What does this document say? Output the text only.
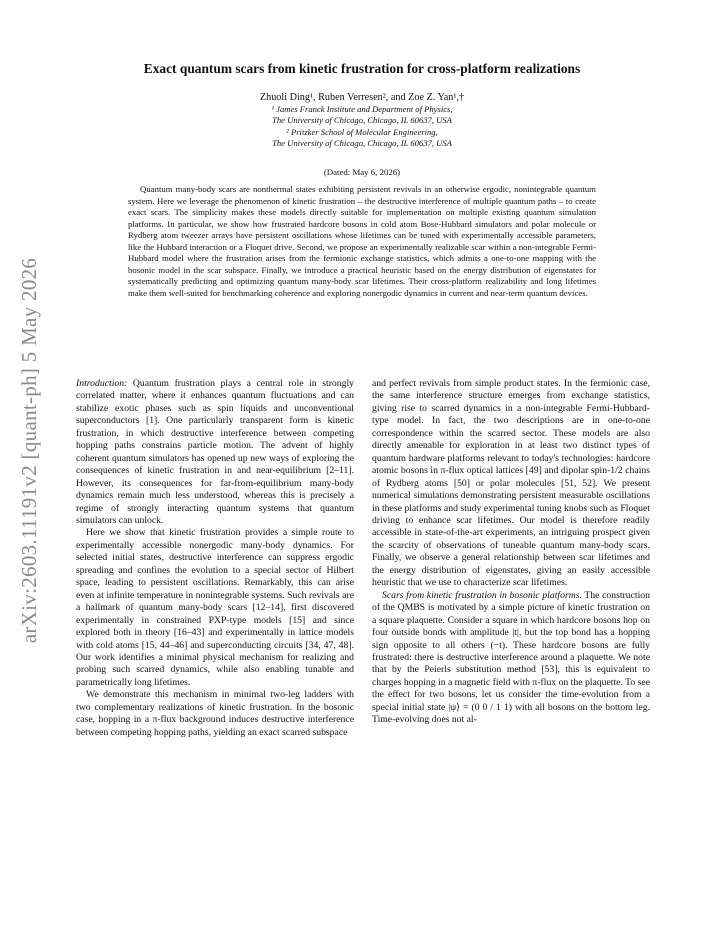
arXiv:2603.11191v2 [quant-ph] 5 May 2026
Exact quantum scars from kinetic frustration for cross-platform realizations
Zhuoli Ding¹, Ruben Verresen², and Zoe Z. Yan¹,†
¹ James Franck Institute and Department of Physics,
The University of Chicago, Chicago, IL 60637, USA
² Pritzker School of Molecular Engineering,
The University of Chicago, Chicago, IL 60637, USA
(Dated: May 6, 2026)
Quantum many-body scars are nonthermal states exhibiting persistent revivals in an otherwise ergodic, nonintegrable quantum system. Here we leverage the phenomenon of kinetic frustration – the destructive interference of multiple quantum paths – to create exact scars. The simplicity makes these models directly suitable for implementation on multiple existing quantum simulation platforms. In particular, we show how frustrated hardcore bosons in cold atom Bose-Hubbard simulators and polar molecule or Rydberg atom tweezer arrays have persistent oscillations whose lifetimes can be tuned with experimentally accessible parameters, like the Hubbard interaction or a Floquet drive. Second, we propose an experimentally realizable scar within a non-integrable Fermi-Hubbard model where the frustration arises from the fermionic exchange statistics, which admits a one-to-one mapping with the bosonic model in the scar subspace. Finally, we introduce a practical heuristic based on the energy distribution of eigenstates for systematically predicting and optimizing quantum many-body scar lifetimes. Their cross-platform realizability and long lifetimes make them well-suited for benchmarking coherence and exploring nonergodic dynamics in current and near-term quantum devices.

Introduction: Quantum frustration plays a central role in strongly correlated matter, where it enhances quantum fluctuations and can stabilize exotic phases such as spin liquids and unconventional superconductors [1]. One particularly transparent form is kinetic frustration, in which destructive interference between competing hopping paths constrains particle motion. The advent of highly coherent quantum simulators has opened up new ways of exploring the consequences of kinetic frustration in and near-equilibrium [2–11]. However, its consequences for far-from-equilibrium many-body dynamics remain much less understood, whereas this is precisely a regime of strongly interacting quantum systems that quantum simulators can unlock.

Here we show that kinetic frustration provides a simple route to experimentally accessible nonergodic many-body dynamics. For selected initial states, destructive interference can suppress ergodic spreading and confines the evolution to a special sector of Hilbert space, leading to persistent oscillations. Remarkably, this can arise even at infinite temperature in nonintegrable systems. Such revivals are a hallmark of quantum many-body scars [12–14], first discovered experimentally in constrained PXP-type models [15] and since explored both in theory [16–43] and experimentally in lattice models with cold atoms [15, 44–46] and superconducting circuits [34, 47, 48]. Our work identifies a minimal physical mechanism for realizing and probing such scarred dynamics, while also enabling tunable and parametrically long lifetimes.

We demonstrate this mechanism in minimal two-leg ladders with two complementary realizations of kinetic frustration. In the bosonic case, hopping in a π-flux background induces destructive interference between competing hopping paths, yielding an exact scarred subspace

and perfect revivals from simple product states. In the fermionic case, the same interference structure emerges from exchange statistics, giving rise to scarred dynamics in a non-integrable Fermi-Hubbard-type model. In fact, the two descriptions are in one-to-one correspondence within the scarred sector. These models are also directly amenable for exploration in at least two distinct types of quantum hardware platforms relevant to today's technologies: hardcore atomic bosons in π-flux optical lattices [49] and dipolar spin-1/2 chains of Rydberg atoms [50] or polar molecules [51, 52]. We present numerical simulations demonstrating persistent measurable oscillations in these platforms and study experimental tuning knobs such as Floquet driving to enhance scar lifetimes. Our model is therefore readily accessible in state-of-the-art experiments, an intriguing prospect given the scarcity of observations of tuneable quantum many-body scars. Finally, we observe a general relationship between scar lifetimes and the energy distribution of eigenstates, giving an easily accessible heuristic that we use to characterize scar lifetimes.

Scars from kinetic frustration in bosonic platforms. The construction of the QMBS is motivated by a simple picture of kinetic frustration on a square plaquette. Consider a square in which hardcore bosons hop on four outside bonds with amplitude |t|, but the top bond has a hopping sign opposite to all others (−t). These hardcore bosons are fully frustrated: there is destructive interference around a plaquette. We note that by the Peierls substitution method [53], this is equivalent to charges hopping in a magnetic field with π-flux on the plaquette. To see the effect for two bosons, let us consider the time-evolution from a special initial state |ψ⟩ = (0 0 / 1 1) with all bosons on the bottom leg. Time-evolving does not al-
